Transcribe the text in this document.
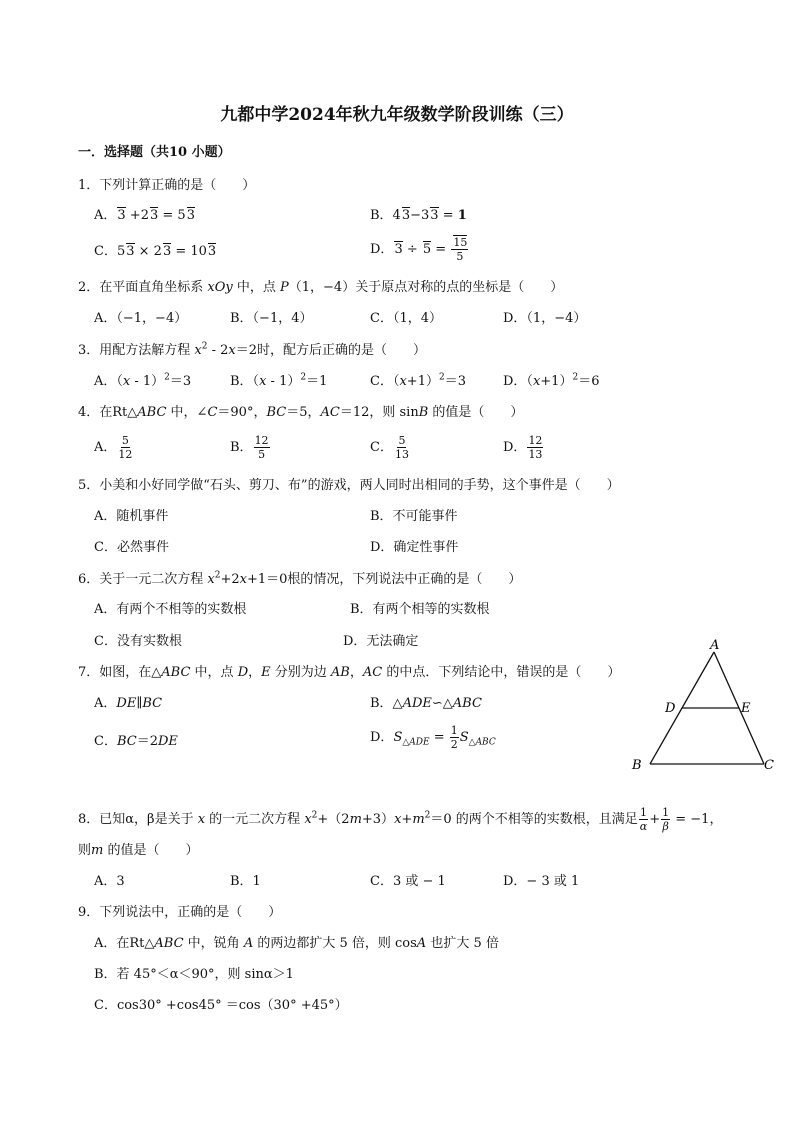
九都中学2024年秋九年级数学阶段训练（三）
一．选择题（共10 小题）
1．下列计算正确的是（　　）
A．3 +23 = 53	B．43−33 = 1
C．53 × 23 = 103	D．$3 \div 5 = \frac{15}{5}$
2．在平面直角坐标系 xOy 中，点 P（1，−4）关于原点对称的点的坐标是（　　）
A．（−1，−4）	B．（−1，4）	C．（1，4）	D．（1，−4）
3．用配方法解方程 $x^2 - 2x=2$时，配方后正确的是（　　）
A．（x - 1）$^2$＝3	B．（x - 1）$^2$＝1	C．$(x+1)^2=3$	D．$(x+1)^2=6$
4．在Rt△ABC 中，∠C＝90°，BC＝5，AC＝12，则 sinB 的值是（　　）
A． $\frac{5}{12}$	B． $\frac{12}{5}$	C． $\frac{5}{13}$	D． $\frac{12}{13}$
5．小美和小好同学做“石头、剪刀、布”的游戏，两人同时出相同的手势，这个事件是（　　）
A．随机事件	B．不可能事件
C．必然事件	D．确定性事件
6．关于一元二次方程 $x^2+2x+1=0$根的情况，下列说法中正确的是（　　）
A．有两个不相等的实数根	B．有两个相等的实数根
C．没有实数根	D．无法确定
7．如图，在△ABC 中，点 D，E 分别为边 AB，AC 的中点．下列结论中，错误的是（　　）
A．DE∥BC	B．△ADE∽△ABC
C．BC＝2DE	D．$S_{\triangle ADE} = \frac{1}{2} S_{\triangle ABC}$
A
D	E
B	C
8．已知α，β是关于 x 的一元二次方程 $x^2+(2m+3)x+m^2=0$ 的两个不相等的实数根，且满足 $\frac{1}{\alpha} + \frac{1}{\beta} = -1$，
则m 的值是（　　）
A．3	B．1	C．3 或 − 1	D．− 3 或 1
9．下列说法中，正确的是（　　）
A．在Rt△ABC 中，锐角 A 的两边都扩大 5 倍，则 cosA 也扩大 5 倍
B．若 45°＜α＜90°，则 sinα＞1
C．cos30° +cos45° ＝cos（30° +45°）
